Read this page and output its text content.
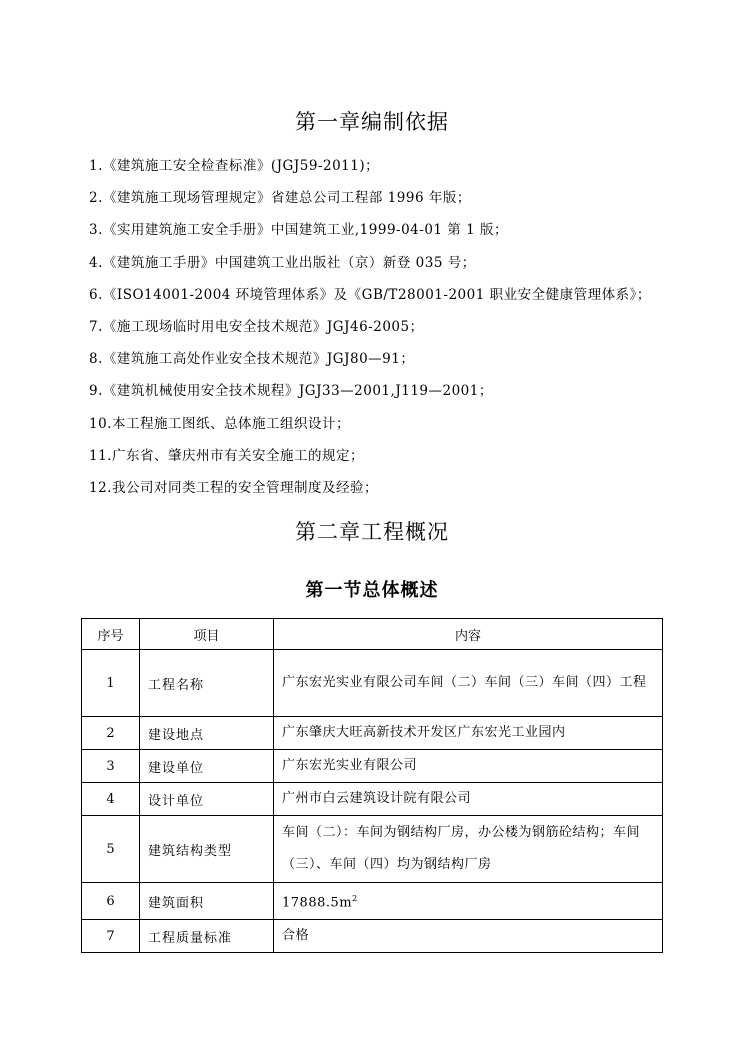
第一章编制依据
1.《建筑施工安全检查标准》(JGJ59-2011)；
2.《建筑施工现场管理规定》省建总公司工程部 1996 年版；
3.《实用建筑施工安全手册》中国建筑工业,1999-04-01 第 1 版；
4.《建筑施工手册》中国建筑工业出版社（京）新登 035 号；
6.《ISO14001-2004 环境管理体系》及《GB/T28001-2001 职业安全健康管理体系》；
7.《施工现场临时用电安全技术规范》JGJ46-2005；
8.《建筑施工高处作业安全技术规范》JGJ80—91；
9.《建筑机械使用安全技术规程》JGJ33—2001,J119—2001；
10.本工程施工图纸、总体施工组织设计；
11.广东省、肇庆州市有关安全施工的规定；
12.我公司对同类工程的安全管理制度及经验；
第二章工程概况
第一节总体概述
序号	项目	内容
1	工程名称	广东宏光实业有限公司车间（二）车间（三）车间（四）工程
2	建设地点	广东肇庆大旺高新技术开发区广东宏光工业园内
3	建设单位	广东宏光实业有限公司
4	设计单位	广州市白云建筑设计院有限公司
5	建筑结构类型	车间（二）：车间为钢结构厂房，办公楼为钢筋砼结构；车间（三）、车间（四）均为钢结构厂房
6	建筑面积	$17888.5m^2$
7	工程质量标准	合格
